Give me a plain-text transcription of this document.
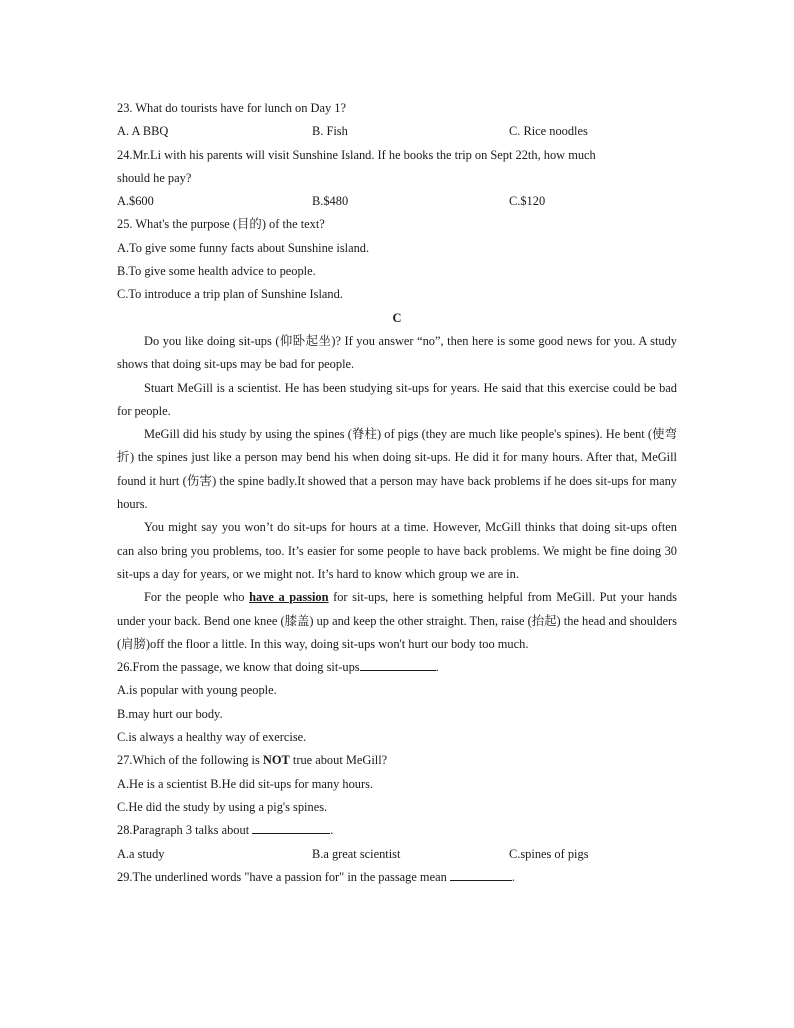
23. What do tourists have for lunch on Day 1?
A. A BBQ	B. Fish	C. Rice noodles
24.Mr.Li with his parents will visit Sunshine Island. If he books the trip on Sept 22th, how much
should he pay?
A.$600	B.$480	C.$120
25. What's the purpose (目的) of the text?
A.To give some funny facts about Sunshine island.
B.To give some health advice to people.
C.To introduce a trip plan of Sunshine Island.
C

Do you like doing sit-ups (仰卧起坐)? If you answer “no”, then here is some good news for you. A study shows that doing sit-ups may be bad for people.

Stuart MeGill is a scientist. He has been studying sit-ups for years. He said that this exercise could be bad for people.

MeGill did his study by using the spines (脊柱) of pigs (they are much like people's spines). He bent (使弯折) the spines just like a person may bend his when doing sit-ups. He did it for many hours. After that, MeGill found it hurt (伤害) the spine badly.It showed that a person may have back problems if he does sit-ups for many hours.

You might say you won’t do sit-ups for hours at a time. However, McGill thinks that doing sit-ups often can also bring you problems, too. It’s easier for some people to have back problems. We might be fine doing 30 sit-ups a day for years, or we might not. It’s hard to know which group we are in.

For the people who have a passion for sit-ups, here is something helpful from MeGill. Put your hands under your back. Bend one knee (膝盖) up and keep the other straight. Then, raise (抬起) the head and shoulders (肩膀)off the floor a little. In this way, doing sit-ups won't hurt our body too much.

26.From the passage, we know that doing sit-ups	.
A.is popular with young people.
B.may hurt our body.
C.is always a healthy way of exercise.
27.Which of the following is NOT true about MeGill?
A.He is a scientist B.He did sit-ups for many hours.
C.He did the study by using a pig's spines.
28.Paragraph 3 talks about	.
A.a study	B.a great scientist	C.spines of pigs
29.The underlined words "have a passion for" in the passage mean	.
